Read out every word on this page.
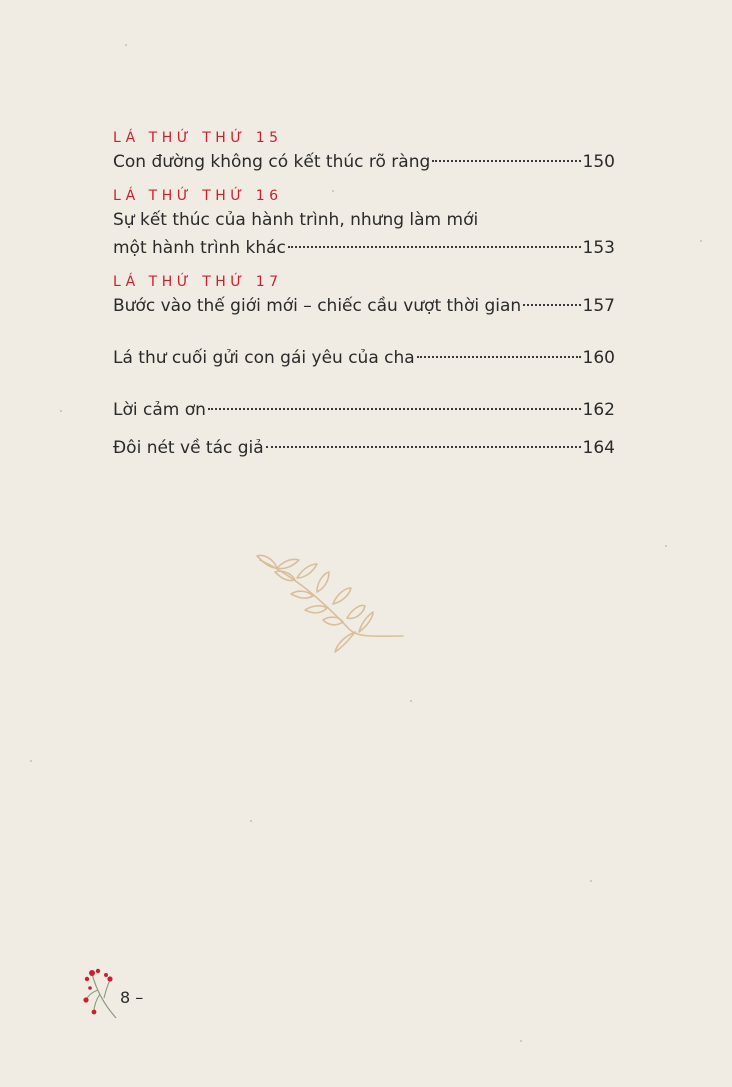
LÁ THỨ THỨ 15
Con đường không có kết thúc rõ ràng	150
LÁ THỨ THỨ 16
Sự kết thúc của hành trình, nhưng làm mới
một hành trình khác	153
LÁ THỨ THỨ 17
Bước vào thế giới mới – chiếc cầu vượt thời gian	157
Lá thư cuối gửi con gái yêu của cha	160
Lời cảm ơn	162
Đôi nét về tác giả	164
8 –
